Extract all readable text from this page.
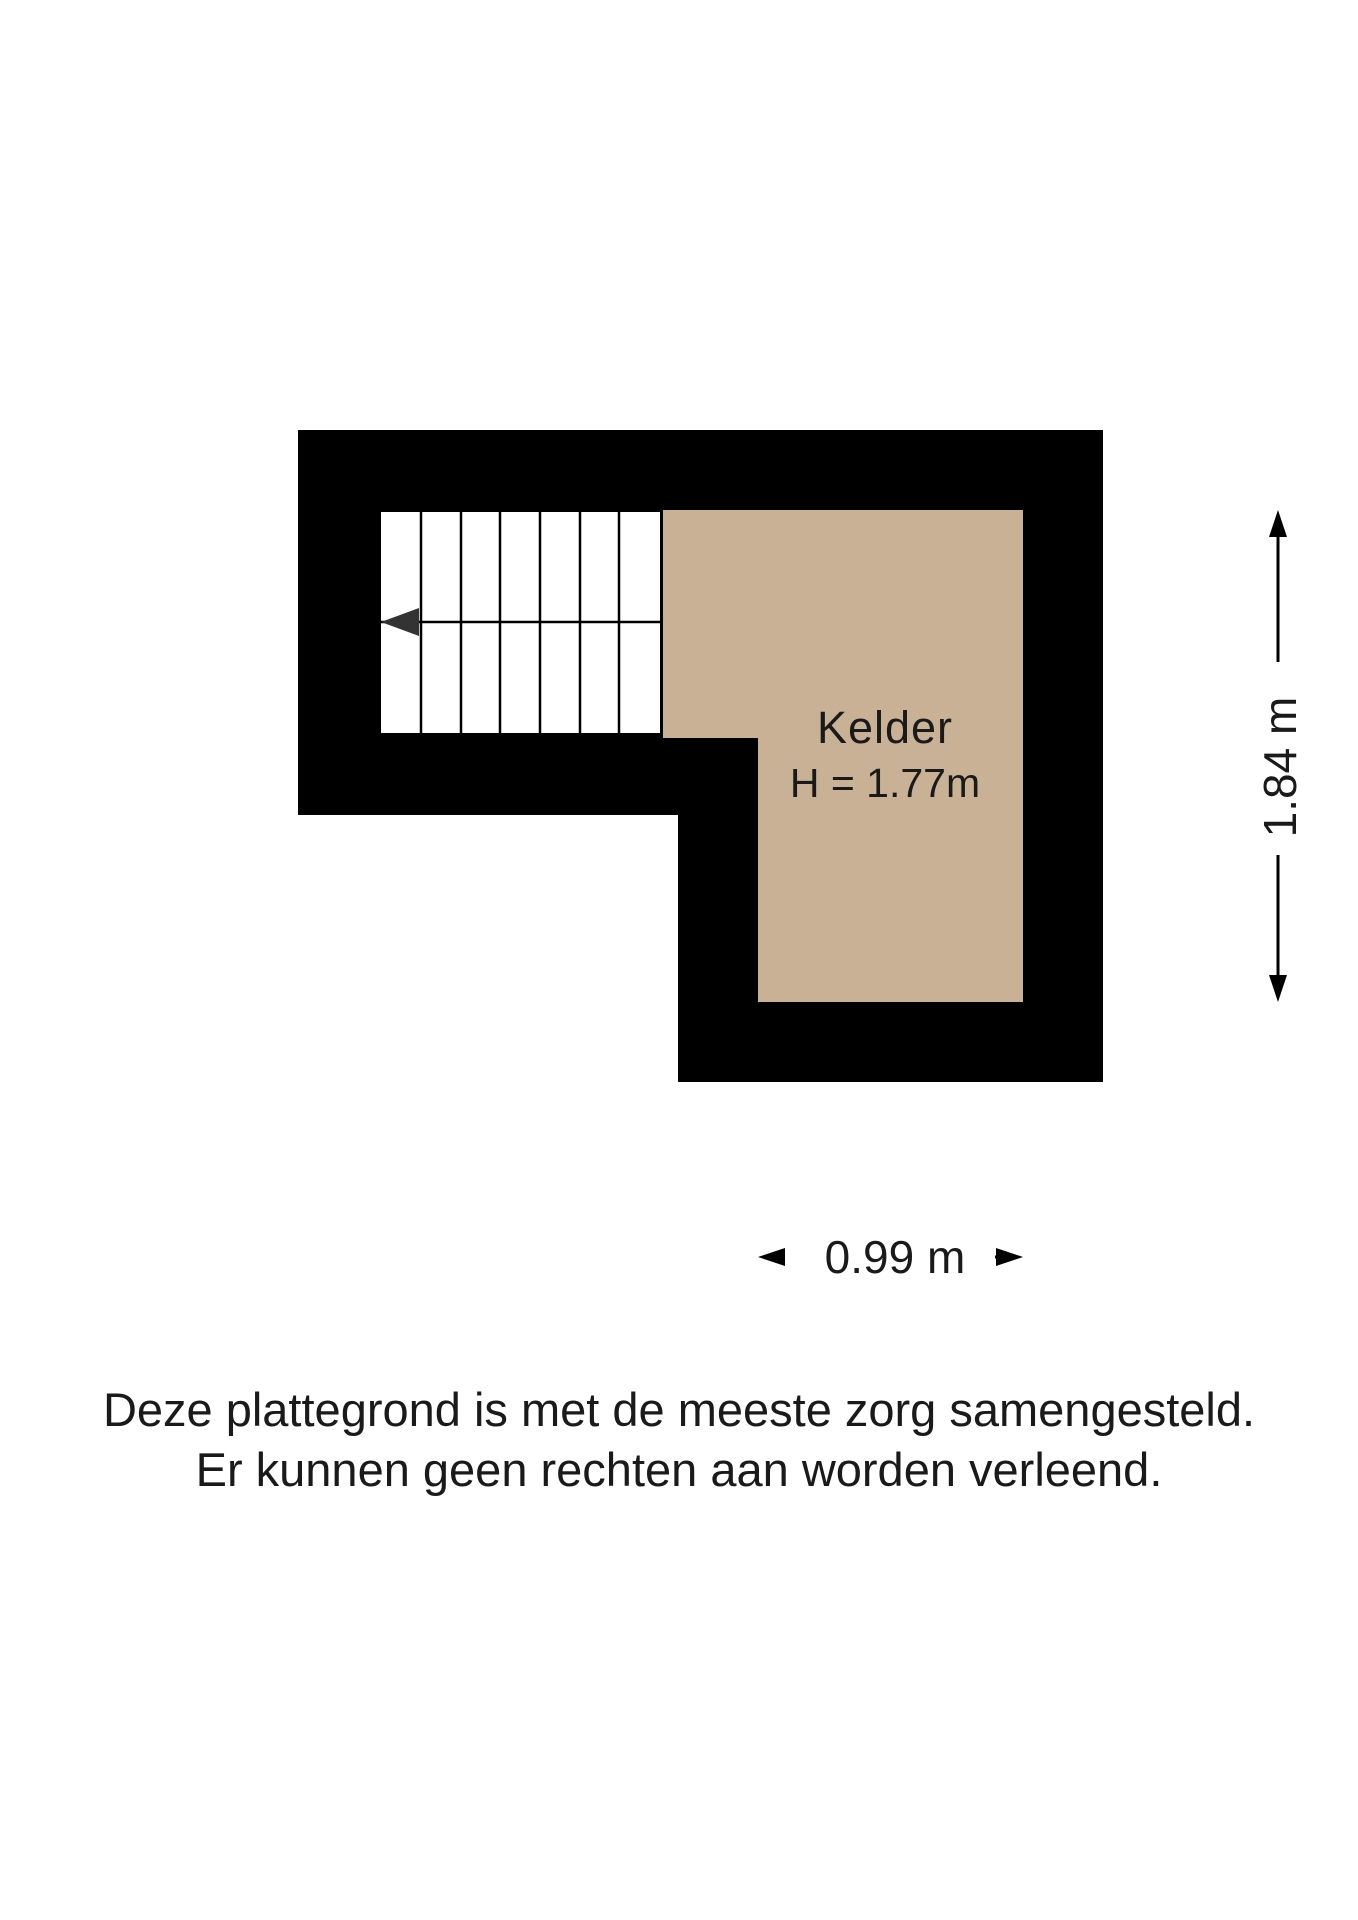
Kelder
H = 1.77m
0.99 m
1.84 m
Deze plattegrond is met de meeste zorg samengesteld.
Er kunnen geen rechten aan worden verleend.
